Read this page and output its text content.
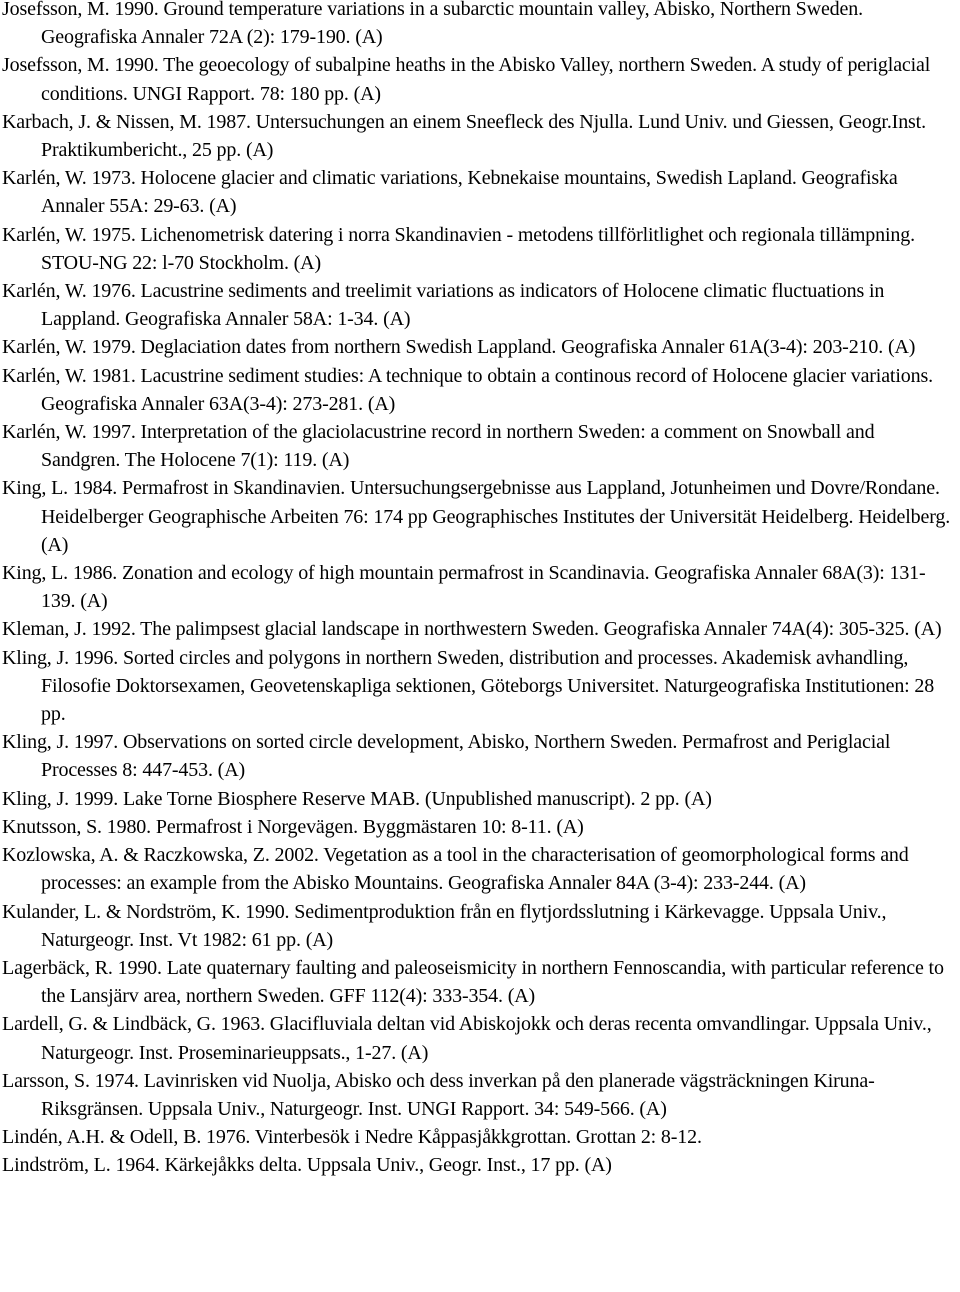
Josefsson, M. 1990. Ground temperature variations in a subarctic mountain valley, Abisko, Northern Sweden. Geografiska Annaler 72A (2): 179-190. (A)

Josefsson, M. 1990. The geoecology of subalpine heaths in the Abisko Valley, northern Sweden. A study of periglacial conditions. UNGI Rapport. 78: 180 pp. (A)

Karbach, J. & Nissen, M. 1987. Untersuchungen an einem Sneefleck des Njulla. Lund Univ. und Giessen, Geogr.Inst. Praktikumbericht., 25 pp. (A)

Karlén, W. 1973. Holocene glacier and climatic variations, Kebnekaise mountains, Swedish Lapland. Geografiska Annaler 55A: 29-63. (A)

Karlén, W. 1975. Lichenometrisk datering i norra Skandinavien - metodens tillförlitlighet och regionala tillämpning. STOU-NG 22: l-70 Stockholm. (A)

Karlén, W. 1976. Lacustrine sediments and treelimit variations as indicators of Holocene climatic fluctuations in Lappland. Geografiska Annaler 58A: 1-34. (A)

Karlén, W. 1979. Deglaciation dates from northern Swedish Lappland. Geografiska Annaler 61A(3-4): 203-210. (A)

Karlén, W. 1981. Lacustrine sediment studies: A technique to obtain a continous record of Holocene glacier variations. Geografiska Annaler 63A(3-4): 273-281. (A)

Karlén, W. 1997. Interpretation of the glaciolacustrine record in northern Sweden: a comment on Snowball and Sandgren. The Holocene 7(1): 119. (A)

King, L. 1984. Permafrost in Skandinavien. Untersuchungsergebnisse aus Lappland, Jotunheimen und Dovre/Rondane. Heidelberger Geographische Arbeiten 76: 174 pp Geographisches Institutes der Universität Heidelberg. Heidelberg. (A)

King, L. 1986. Zonation and ecology of high mountain permafrost in Scandinavia. Geografiska Annaler 68A(3): 131-139. (A)

Kleman, J. 1992. The palimpsest glacial landscape in northwestern Sweden. Geografiska Annaler 74A(4): 305-325. (A)

Kling, J. 1996. Sorted circles and polygons in northern Sweden, distribution and processes. Akademisk avhandling, Filosofie Doktorsexamen, Geovetenskapliga sektionen, Göteborgs Universitet. Naturgeografiska Institutionen: 28 pp.

Kling, J. 1997. Observations on sorted circle development, Abisko, Northern Sweden. Permafrost and Periglacial Processes 8: 447-453. (A)

Kling, J. 1999. Lake Torne Biosphere Reserve MAB. (Unpublished manuscript). 2 pp. (A)

Knutsson, S. 1980. Permafrost i Norgevägen. Byggmästaren 10: 8-11. (A)

Kozlowska, A. & Raczkowska, Z. 2002. Vegetation as a tool in the characterisation of geomorphological forms and processes: an example from the Abisko Mountains. Geografiska Annaler 84A (3-4): 233-244. (A)

Kulander, L. & Nordström, K. 1990. Sedimentproduktion från en flytjordsslutning i Kärkevagge. Uppsala Univ., Naturgeogr. Inst. Vt 1982: 61 pp. (A)

Lagerbäck, R. 1990. Late quaternary faulting and paleoseismicity in northern Fennoscandia, with particular reference to the Lansjärv area, northern Sweden. GFF 112(4): 333-354. (A)

Lardell, G. & Lindbäck, G. 1963. Glacifluviala deltan vid Abiskojokk och deras recenta omvandlingar. Uppsala Univ., Naturgeogr. Inst. Proseminarieuppsats., 1-27. (A)

Larsson, S. 1974. Lavinrisken vid Nuolja, Abisko och dess inverkan på den planerade vägsträckningen Kiruna-Riksgränsen. Uppsala Univ., Naturgeogr. Inst. UNGI Rapport. 34: 549-566. (A)

Lindén, A.H. & Odell, B. 1976. Vinterbesök i Nedre Kåppasjåkkgrottan. Grottan 2: 8-12.

Lindström, L. 1964. Kärkejåkks delta. Uppsala Univ., Geogr. Inst., 17 pp. (A)
